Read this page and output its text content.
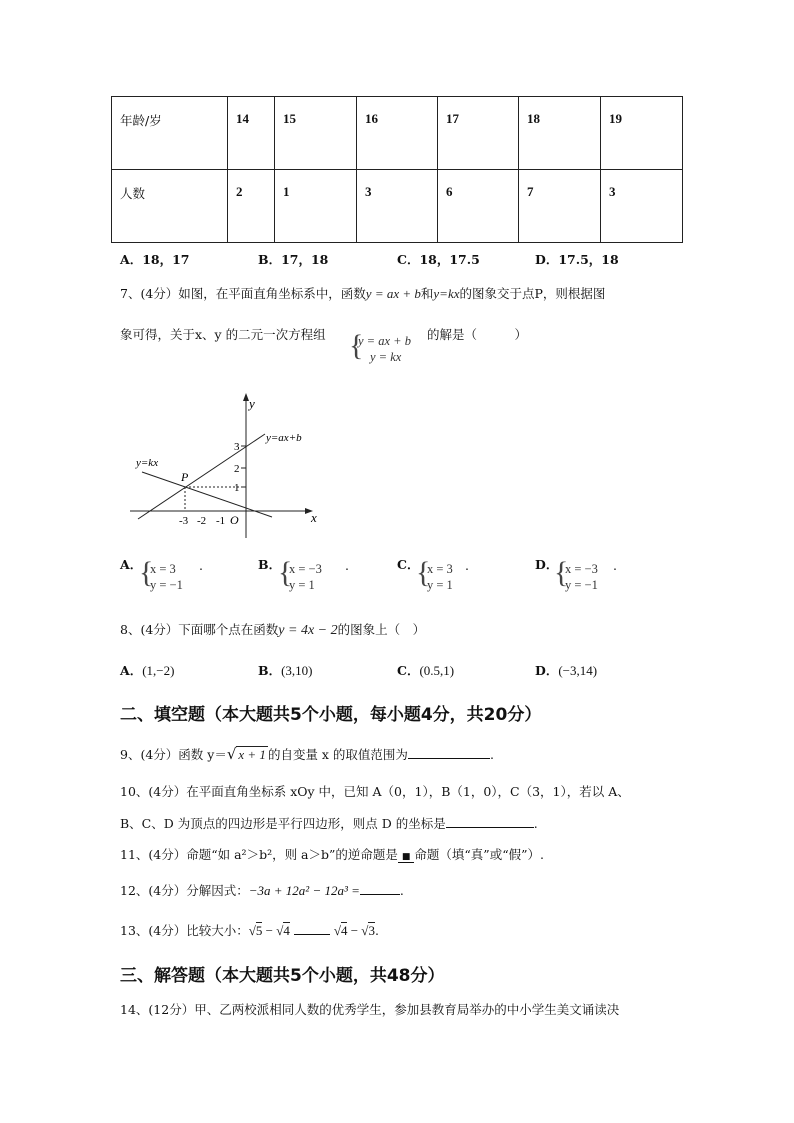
年龄/岁	14	15	16	17	18	19
人数	2	1	3	6	7	3
A．18，17	B．17，18	C．18，17.5	D．17.5，18
7、(4分）如图，在平面直角坐标系中，函数y = ax + b和y=kx的图象交于点P，则根据图
象可得，关于x、y 的二元一次方程组 {
y = ax + b
y = kx
的解是（　　　）
y
x
O
P
y=ax+b
y=kx
-3 -2 -1
3
2
1
A．
{
x = 3
y = −1
.	B．
{
x = −3
y = 1
.	C．
{
x = 3
y = 1
.	D．
{
x = −3
y = −1
.
8、(4分）下面哪个点在函数y = 4x − 2的图象上（　）
A．(1,−2)	B．(3,10)	C．(0.5,1)	D．(−3,14)
二、填空题（本大题共5个小题，每小题4分，共20分）
9、(4分）函数 y＝√ x + 1 的自变量 x 的取值范围为	.
10、(4分）在平面直角坐标系 xOy 中，已知 A（0，1），B（1，0），C（3，1），若以 A、
B、C、D 为顶点的四边形是平行四边形，则点 D 的坐标是	.
11、(4分）命题“如 a²＞b²，则 a＞b”的逆命题是 ■ 命题（填“真”或“假”）.
12、(4分）分解因式：−3a + 12a² − 12a³ =	.
13、(4分）比较大小：√5 − √4	√4 − √3.
三、解答题（本大题共5个小题，共48分）
14、(12分）甲、乙两校派相同人数的优秀学生，参加县教育局举办的中小学生美文诵读决
